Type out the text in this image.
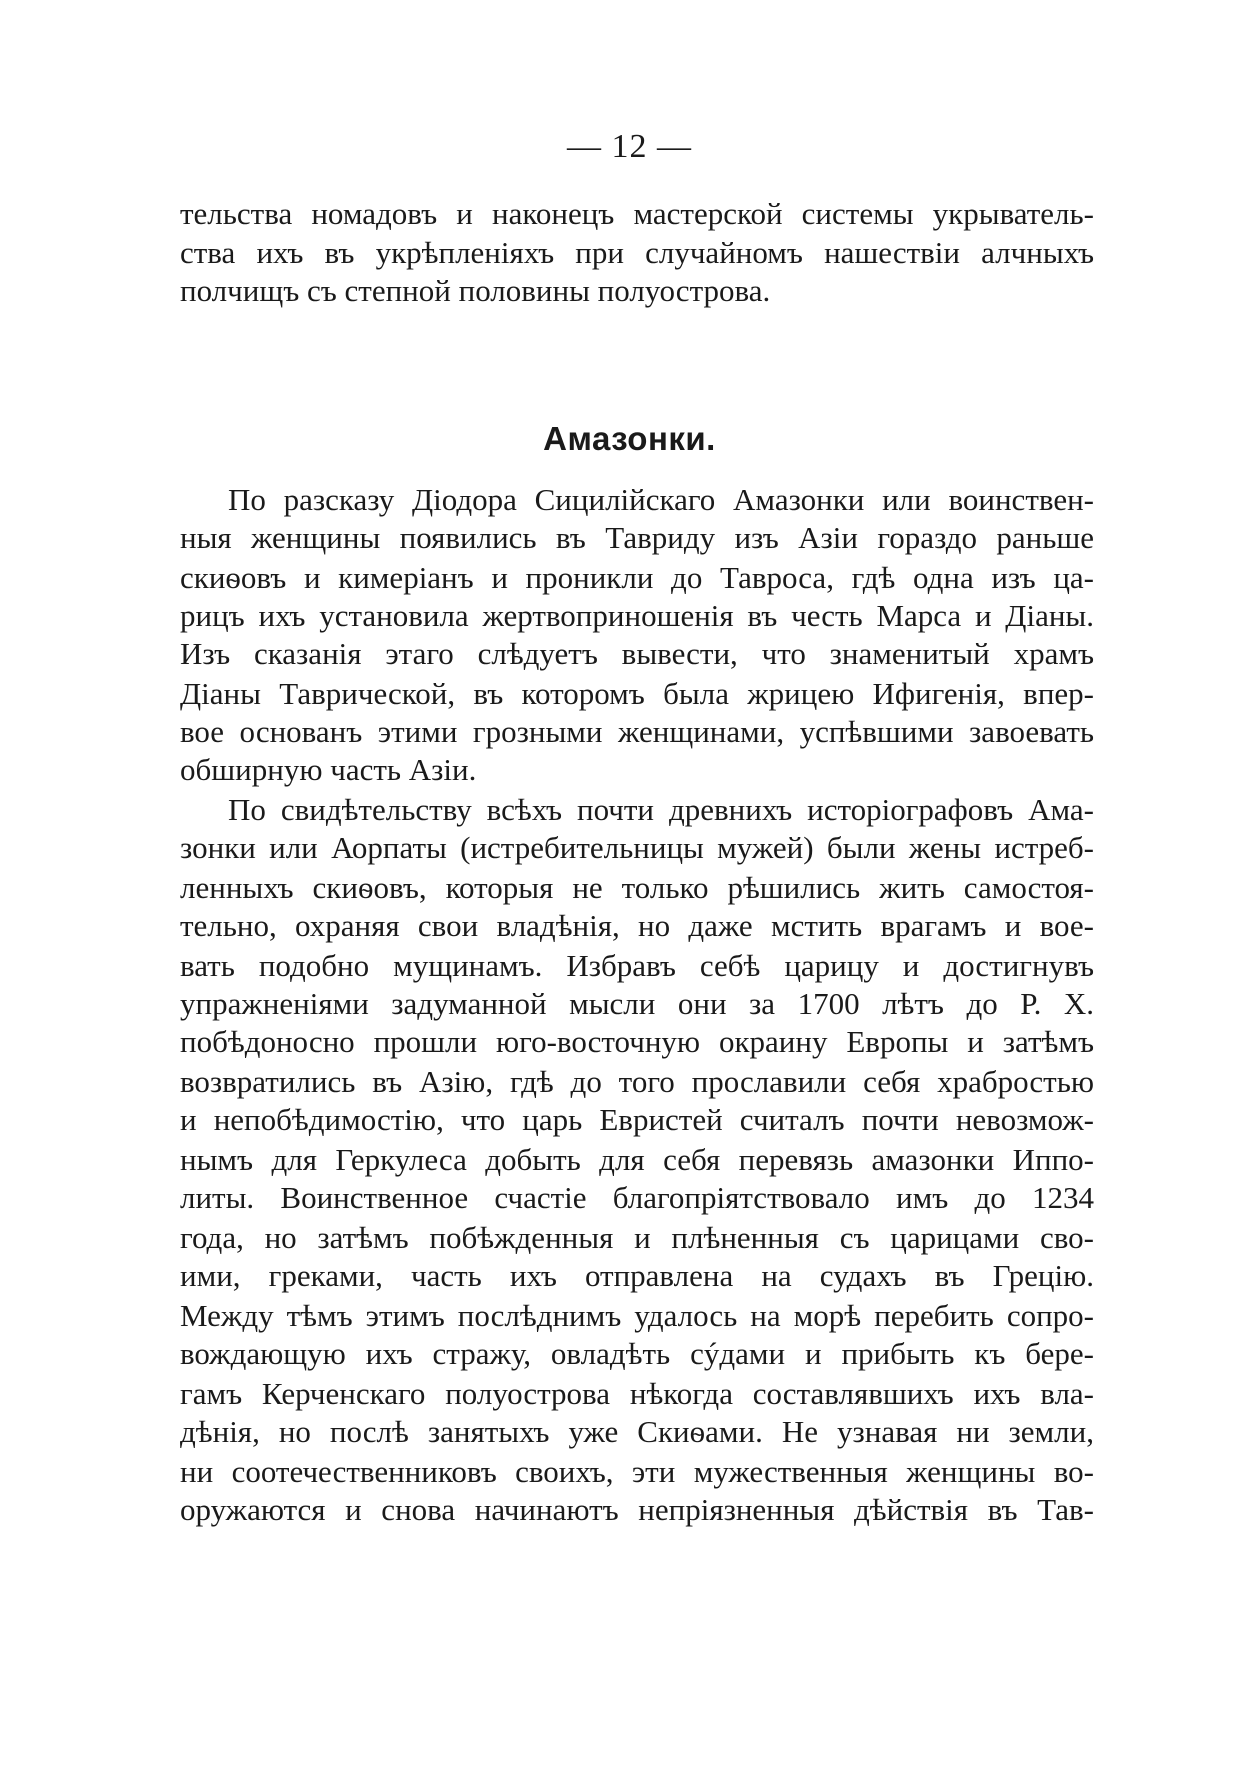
— 12 —
тельства номадовъ и наконецъ мастерской системы укрыватель-
ства ихъ въ укрѣпленіяхъ при случайномъ нашествіи алчныхъ
полчищъ съ степной половины полуострова.
Амазонки.
По разсказу Діодора Сицилійскаго Амазонки или воинствен-
ныя женщины появились въ Тавриду изъ Азіи гораздо раньше
скиѳовъ и кимеріанъ и проникли до Тавроса, гдѣ одна изъ ца-
рицъ ихъ установила жертвоприношенія въ честь Марса и Діаны.
Изъ сказанія этаго слѣдуетъ вывести, что знаменитый храмъ
Діаны Таврической, въ которомъ была жрицею Ифигенія, впер-
вое основанъ этими грозными женщинами, успѣвшими завоевать
обширную часть Азіи.
По свидѣтельству всѣхъ почти древнихъ исторіографовъ Ама-
зонки или Аорпаты (истребительницы мужей) были жены истреб-
ленныхъ скиѳовъ, которыя не только рѣшились жить самостоя-
тельно, охраняя свои владѣнія, но даже мстить врагамъ и вое-
вать подобно мущинамъ. Избравъ себѣ царицу и достигнувъ
упражненіями задуманной мысли они за 1700 лѣтъ до Р. Х.
побѣдоносно прошли юго-восточную окраину Европы и затѣмъ
возвратились въ Азію, гдѣ до того прославили себя храбростью
и непобѣдимостію, что царь Евристей считалъ почти невозмож-
нымъ для Геркулеса добыть для себя перевязь амазонки Иппо-
литы. Воинственное счастіе благопріятствовало имъ до 1234
года, но затѣмъ побѣжденныя и плѣненныя съ царицами сво-
ими, греками, часть ихъ отправлена на судахъ въ Грецію.
Между тѣмъ этимъ послѣднимъ удалось на морѣ перебить сопро-
вождающую ихъ стражу, овладѣть сýдами и прибыть къ бере-
гамъ Керченскаго полуострова нѣкогда составлявшихъ ихъ вла-
дѣнія, но послѣ занятыхъ уже Скиѳами. Не узнавая ни земли,
ни соотечественниковъ своихъ, эти мужественныя женщины во-
оружаются и снова начинаютъ непріязненныя дѣйствія въ Тав-
